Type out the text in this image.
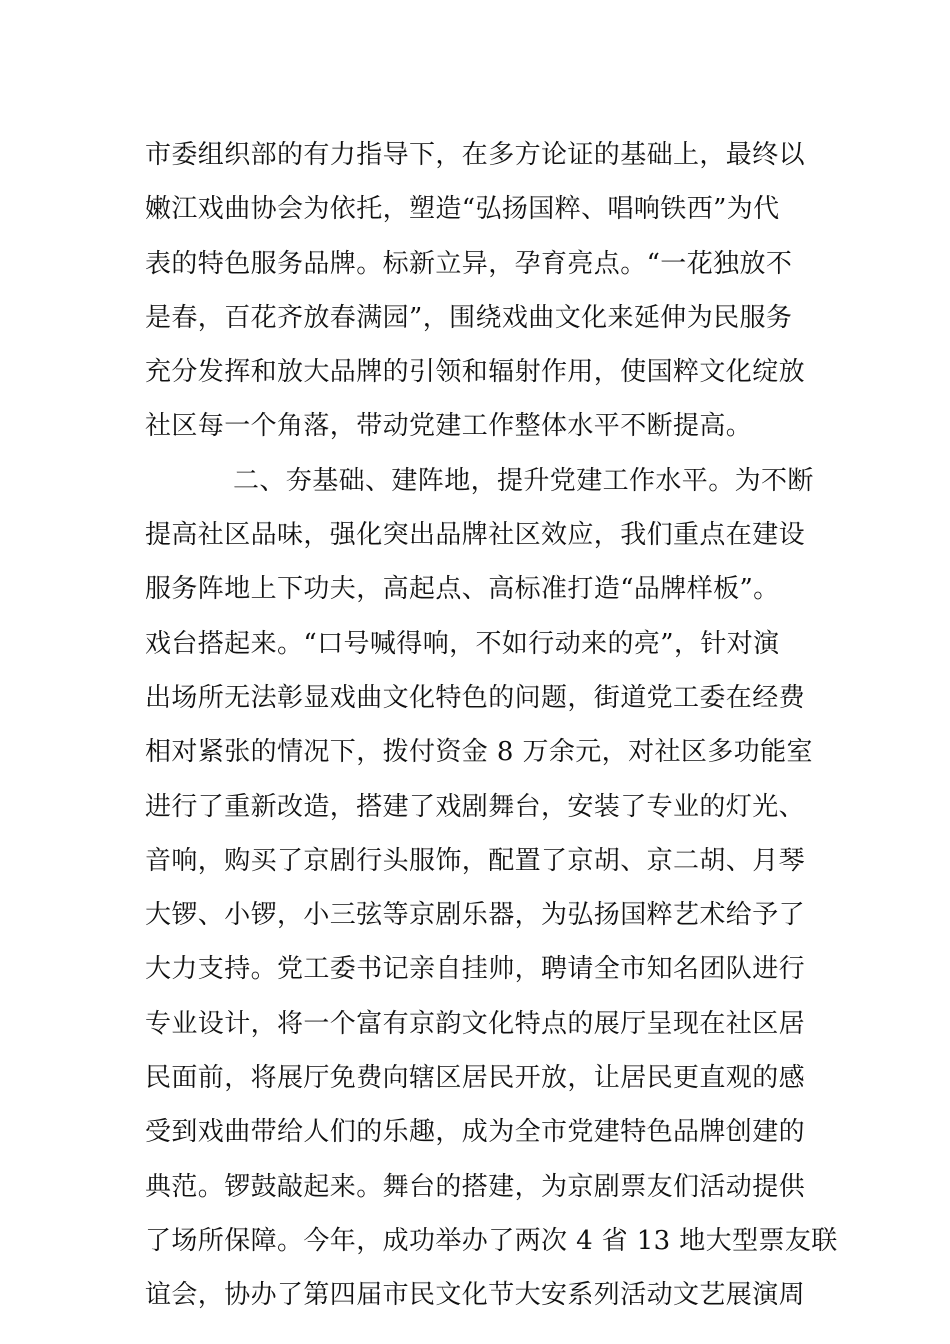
市委组织部的有力指导下，在多方论证的基础上，最终以
嫩江戏曲协会为依托，塑造“弘扬国粹、唱响铁西”为代
表的特色服务品牌。标新立异，孕育亮点。“一花独放不
是春，百花齐放春满园”，围绕戏曲文化来延伸为民服务
充分发挥和放大品牌的引领和辐射作用，使国粹文化绽放
社区每一个角落，带动党建工作整体水平不断提高。
二、夯基础、建阵地，提升党建工作水平。为不断
提高社区品味，强化突出品牌社区效应，我们重点在建设
服务阵地上下功夫，高起点、高标准打造“品牌样板”。
戏台搭起来。“口号喊得响，不如行动来的亮”，针对演
出场所无法彰显戏曲文化特色的问题，街道党工委在经费
相对紧张的情况下，拨付资金 8 万余元，对社区多功能室
进行了重新改造，搭建了戏剧舞台，安装了专业的灯光、
音响，购买了京剧行头服饰，配置了京胡、京二胡、月琴
大锣、小锣，小三弦等京剧乐器，为弘扬国粹艺术给予了
大力支持。党工委书记亲自挂帅，聘请全市知名团队进行
专业设计，将一个富有京韵文化特点的展厅呈现在社区居
民面前，将展厅免费向辖区居民开放，让居民更直观的感
受到戏曲带给人们的乐趣，成为全市党建特色品牌创建的
典范。锣鼓敲起来。舞台的搭建，为京剧票友们活动提供
了场所保障。今年，成功举办了两次 4 省 13 地大型票友联
谊会，协办了第四届市民文化节大安系列活动文艺展演周
